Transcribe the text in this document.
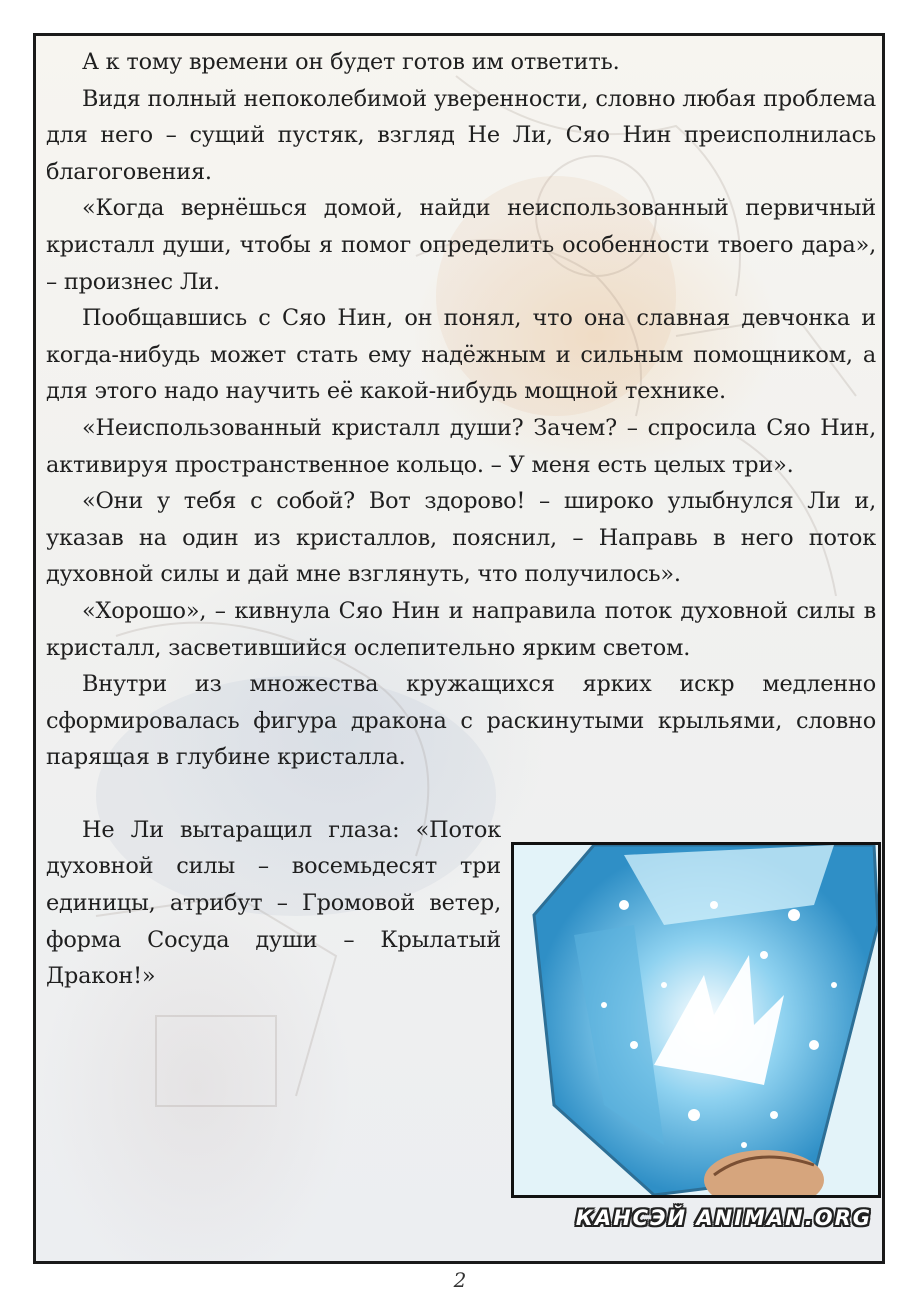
А к тому времени он будет готов им ответить.

Видя полный непоколебимой уверенности, словно любая проблема для него – сущий пустяк, взгляд Не Ли, Сяо Нин преисполнилась благоговения.

«Когда вернёшься домой, найди неиспользованный первичный кристалл души, чтобы я помог определить особенности твоего дара», – произнес Ли.

Пообщавшись с Сяо Нин, он понял, что она славная девчонка и когда-нибудь может стать ему надёжным и сильным помощником, а для этого надо научить её какой-нибудь мощной технике.

«Неиспользованный кристалл души? Зачем? – спросила Сяо Нин, активируя пространственное кольцо. – У меня есть целых три».

«Они у тебя с собой? Вот здорово! – широко улыбнулся Ли и, указав на один из кристаллов, пояснил, – Направь в него поток духовной силы и дай мне взглянуть, что получилось».

«Хорошо», – кивнула Сяо Нин и направила поток духовной силы в кристалл, засветившийся ослепительно ярким светом.

Внутри из множества кружащихся ярких искр медленно сформировалась фигура дракона с раскинутыми крыльями, словно парящая в глубине кристалла.

Не Ли вытаращил глаза: «Поток духовной силы – восемьдесят три единицы, атрибут – Громовой ветер, форма Сосуда души – Крылатый Дракон!»

КАНСЭЙ ANIMAN.ORG
2
